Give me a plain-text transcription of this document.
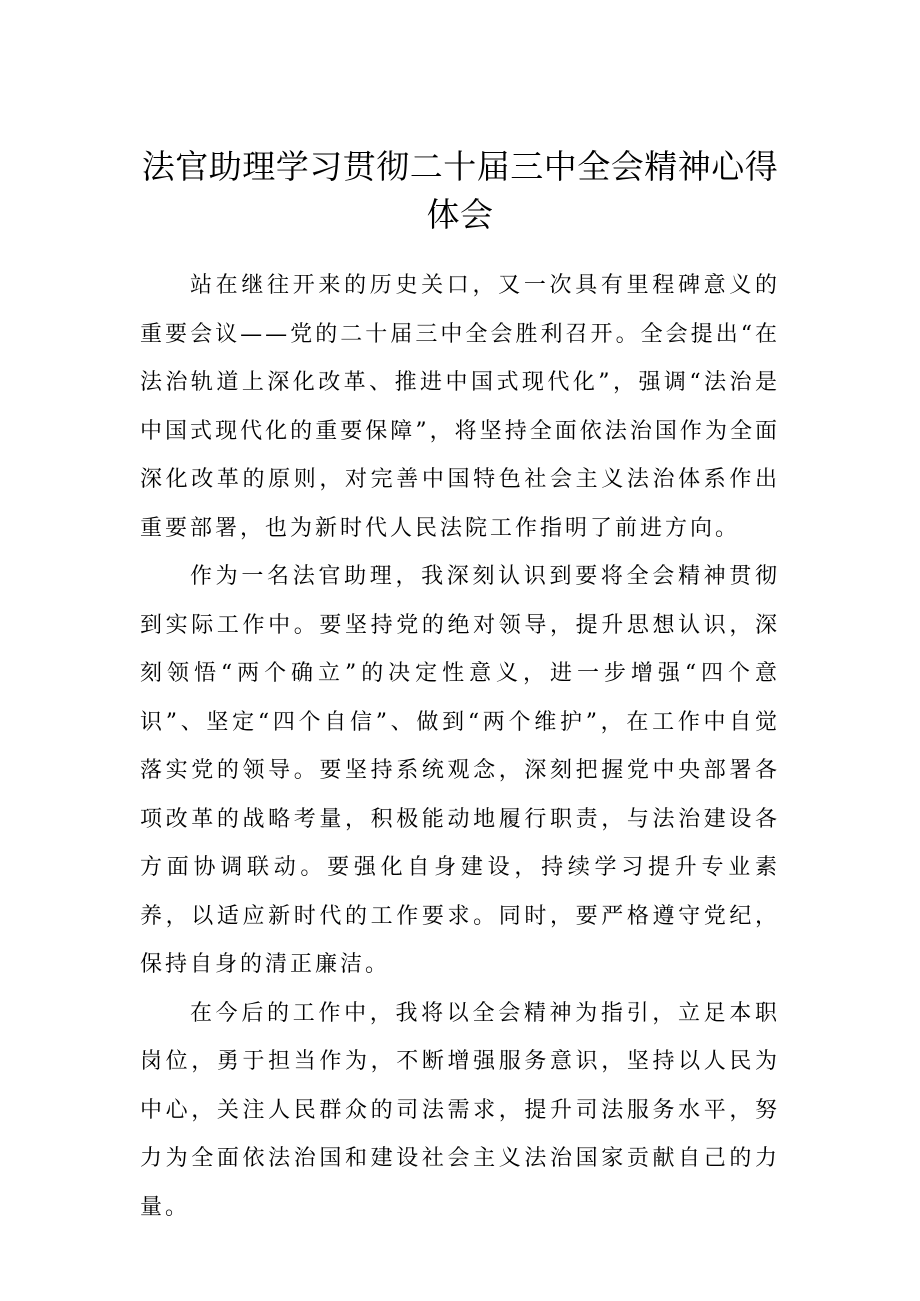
法官助理学习贯彻二十届三中全会精神心得体会

站在继往开来的历史关口，又一次具有里程碑意义的重要会议——党的二十届三中全会胜利召开。全会提出“在法治轨道上深化改革、推进中国式现代化”，强调“法治是中国式现代化的重要保障”，将坚持全面依法治国作为全面深化改革的原则，对完善中国特色社会主义法治体系作出重要部署，也为新时代人民法院工作指明了前进方向。

作为一名法官助理，我深刻认识到要将全会精神贯彻到实际工作中。要坚持党的绝对领导，提升思想认识，深刻领悟“两个确立”的决定性意义，进一步增强“四个意识”、坚定“四个自信”、做到“两个维护”，在工作中自觉落实党的领导。要坚持系统观念，深刻把握党中央部署各项改革的战略考量，积极能动地履行职责，与法治建设各方面协调联动。要强化自身建设，持续学习提升专业素养，以适应新时代的工作要求。同时，要严格遵守党纪，保持自身的清正廉洁。

在今后的工作中，我将以全会精神为指引，立足本职岗位，勇于担当作为，不断增强服务意识，坚持以人民为中心，关注人民群众的司法需求，提升司法服务水平，努力为全面依法治国和建设社会主义法治国家贡献自己的力量。
